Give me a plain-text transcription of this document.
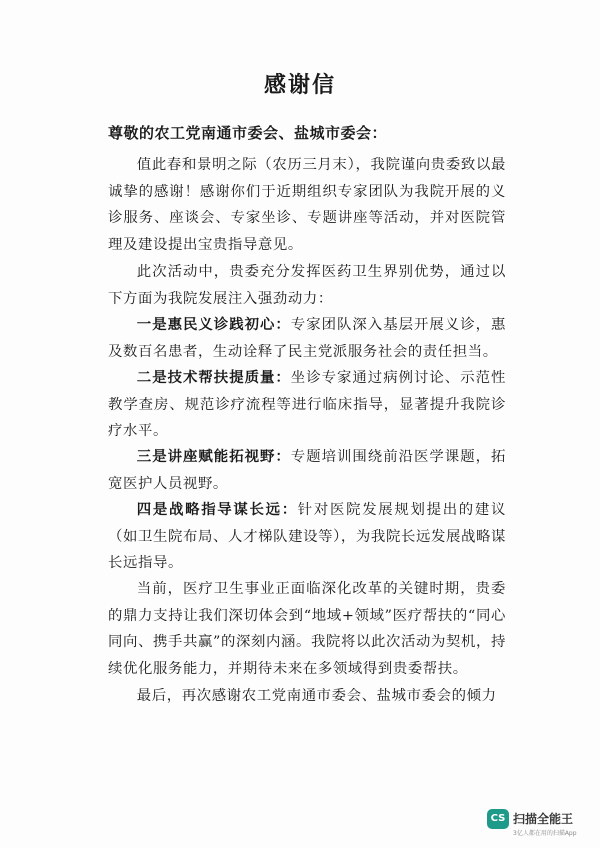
感谢信
尊敬的农工党南通市委会、盐城市委会：

值此春和景明之际（农历三月末），我院谨向贵委致以最诚挚的感谢！感谢你们于近期组织专家团队为我院开展的义诊服务、座谈会、专家坐诊、专题讲座等活动，并对医院管理及建设提出宝贵指导意见。

此次活动中，贵委充分发挥医药卫生界别优势，通过以下方面为我院发展注入强劲动力：

一是惠民义诊践初心：专家团队深入基层开展义诊，惠及数百名患者，生动诠释了民主党派服务社会的责任担当。

二是技术帮扶提质量：坐诊专家通过病例讨论、示范性教学查房、规范诊疗流程等进行临床指导，显著提升我院诊疗水平。

三是讲座赋能拓视野：专题培训围绕前沿医学课题，拓宽医护人员视野。

四是战略指导谋长远：针对医院发展规划提出的建议（如卫生院布局、人才梯队建设等），为我院长远发展战略谋长远指导。

当前，医疗卫生事业正面临深化改革的关键时期，贵委的鼎力支持让我们深切体会到“地域+领域”医疗帮扶的“同心同向、携手共赢”的深刻内涵。我院将以此次活动为契机，持续优化服务能力，并期待未来在多领域得到贵委帮扶。

最后，再次感谢农工党南通市委会、盐城市委会的倾力

CS 扫描全能王
3亿人都在用的扫描App
